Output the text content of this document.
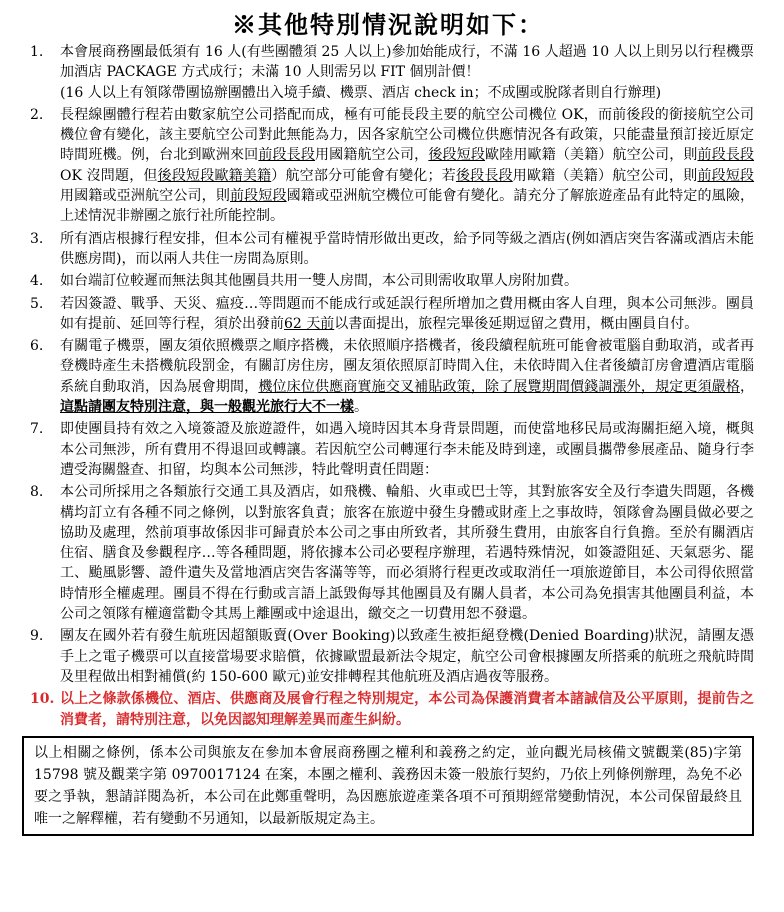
※其他特別情況說明如下：
1.	本會展商務團最低須有 16 人(有些團體須 25 人以上)參加始能成行，不滿 16 人超過 10 人以上則另以行程機票加酒店 PACKAGE 方式成行；未滿 10 人則需另以 FIT 個別計價！
(16 人以上有領隊帶團協辦團體出入境手續、機票、酒店 check in；不成團或脫隊者則自行辦理)
2.	長程線團體行程若由數家航空公司搭配而成，極有可能長段主要的航空公司機位 OK，而前後段的銜接航空公司機位會有變化，該主要航空公司對此無能為力，因各家航空公司機位供應情況各有政策，只能盡量預訂接近原定時間班機。例，台北到歐洲來回前段長段用國籍航空公司，後段短段歐陸用歐籍（美籍）航空公司，則前段長段 OK 沒問題，但後段短段歐籍美籍）航空部分可能會有變化；若後段長段用歐籍（美籍）航空公司，則前段短段用國籍或亞洲航空公司，則前段短段國籍或亞洲航空機位可能會有變化。請充分了解旅遊產品有此特定的風險，上述情況非辦團之旅行社所能控制。
3.	所有酒店根據行程安排，但本公司有權視乎當時情形做出更改，給予同等級之酒店(例如酒店突告客滿或酒店未能供應房間)，而以兩人共住一房間為原則。
4.	如台端訂位較遲而無法與其他團員共用一雙人房間，本公司則需收取單人房附加費。
5.	若因簽證、戰爭、天災、瘟疫…等問題而不能成行或延誤行程所增加之費用概由客人自理，與本公司無涉。團員如有提前、延回等行程，須於出發前62 天前以書面提出，旅程完畢後延期逗留之費用，概由團員自付。
6.	有關電子機票，團友須依照機票之順序搭機，未依照順序搭機者，後段續程航班可能會被電腦自動取消，或者再登機時產生未搭機航段罰金，有關訂房住房，團友須依照原訂時間入住，未依時間入住者後續訂房會遭酒店電腦系統自動取消，因為展會期間，機位床位供應商實施交叉補貼政策，除了展覽期間價錢調漲外，規定更須嚴格，這點請團友特別注意，與一般觀光旅行大不一樣。
7.	即使團員持有效之入境簽證及旅遊證件，如遇入境時因其本身背景問題，而使當地移民局或海關拒絕入境，概與本公司無涉，所有費用不得退回或轉讓。若因航空公司轉運行李未能及時到達，或團員攜帶參展產品、隨身行李遭受海關盤查、扣留，均與本公司無涉，特此聲明責任問題：
8.	本公司所採用之各類旅行交通工具及酒店，如飛機、輪船、火車或巴士等，其對旅客安全及行李遺失問題，各機構均訂立有各種不同之條例，以對旅客負責；旅客在旅遊中發生身體或財產上之事故時，領隊會為團員做必要之協助及處理，然前項事故係因非可歸責於本公司之事由所致者，其所發生費用，由旅客自行負擔。至於有關酒店住宿、膳食及參觀程序…等各種問題，將依據本公司必要程序辦理，若遇特殊情況，如簽證阻延、天氣惡劣、罷工、颱風影響、證件遺失及當地酒店突告客滿等等，而必須將行程更改或取消任一項旅遊節目，本公司得依照當時情形全權處理。團員不得在行動或言語上詆毀侮辱其他團員及有關人員者，本公司為免損害其他團員利益，本公司之領隊有權適當勸令其馬上離團或中途退出，繳交之一切費用恕不發還。
9.	團友在國外若有發生航班因超額販賣(Over Booking)以致產生被拒絕登機(Denied Boarding)狀況，請團友憑手上之電子機票可以直接當場要求賠償，依據歐盟最新法令規定，航空公司會根據團友所搭乘的航班之飛航時間及里程做出相對補償(約 150-600 歐元)並安排轉程其他航班及酒店過夜等服務。
10. 以上之條款係機位、酒店、供應商及展會行程之特別規定，本公司為保護消費者本諸誠信及公平原則，提前告之消費者，請特別注意，以免因認知理解差異而產生糾紛。
以上相關之條例，係本公司與旅友在參加本會展商務團之權利和義務之約定，並向觀光局核備文號觀業(85)字第 15798 號及觀業字第 0970017124 在案，本團之權利、義務因未簽一般旅行契約，乃依上列條例辦理，為免不必要之爭執，懇請詳閱為祈，本公司在此鄭重聲明，為因應旅遊產業各項不可預期經常變動情況，本公司保留最終且唯一之解釋權，若有變動不另通知，以最新版規定為主。
